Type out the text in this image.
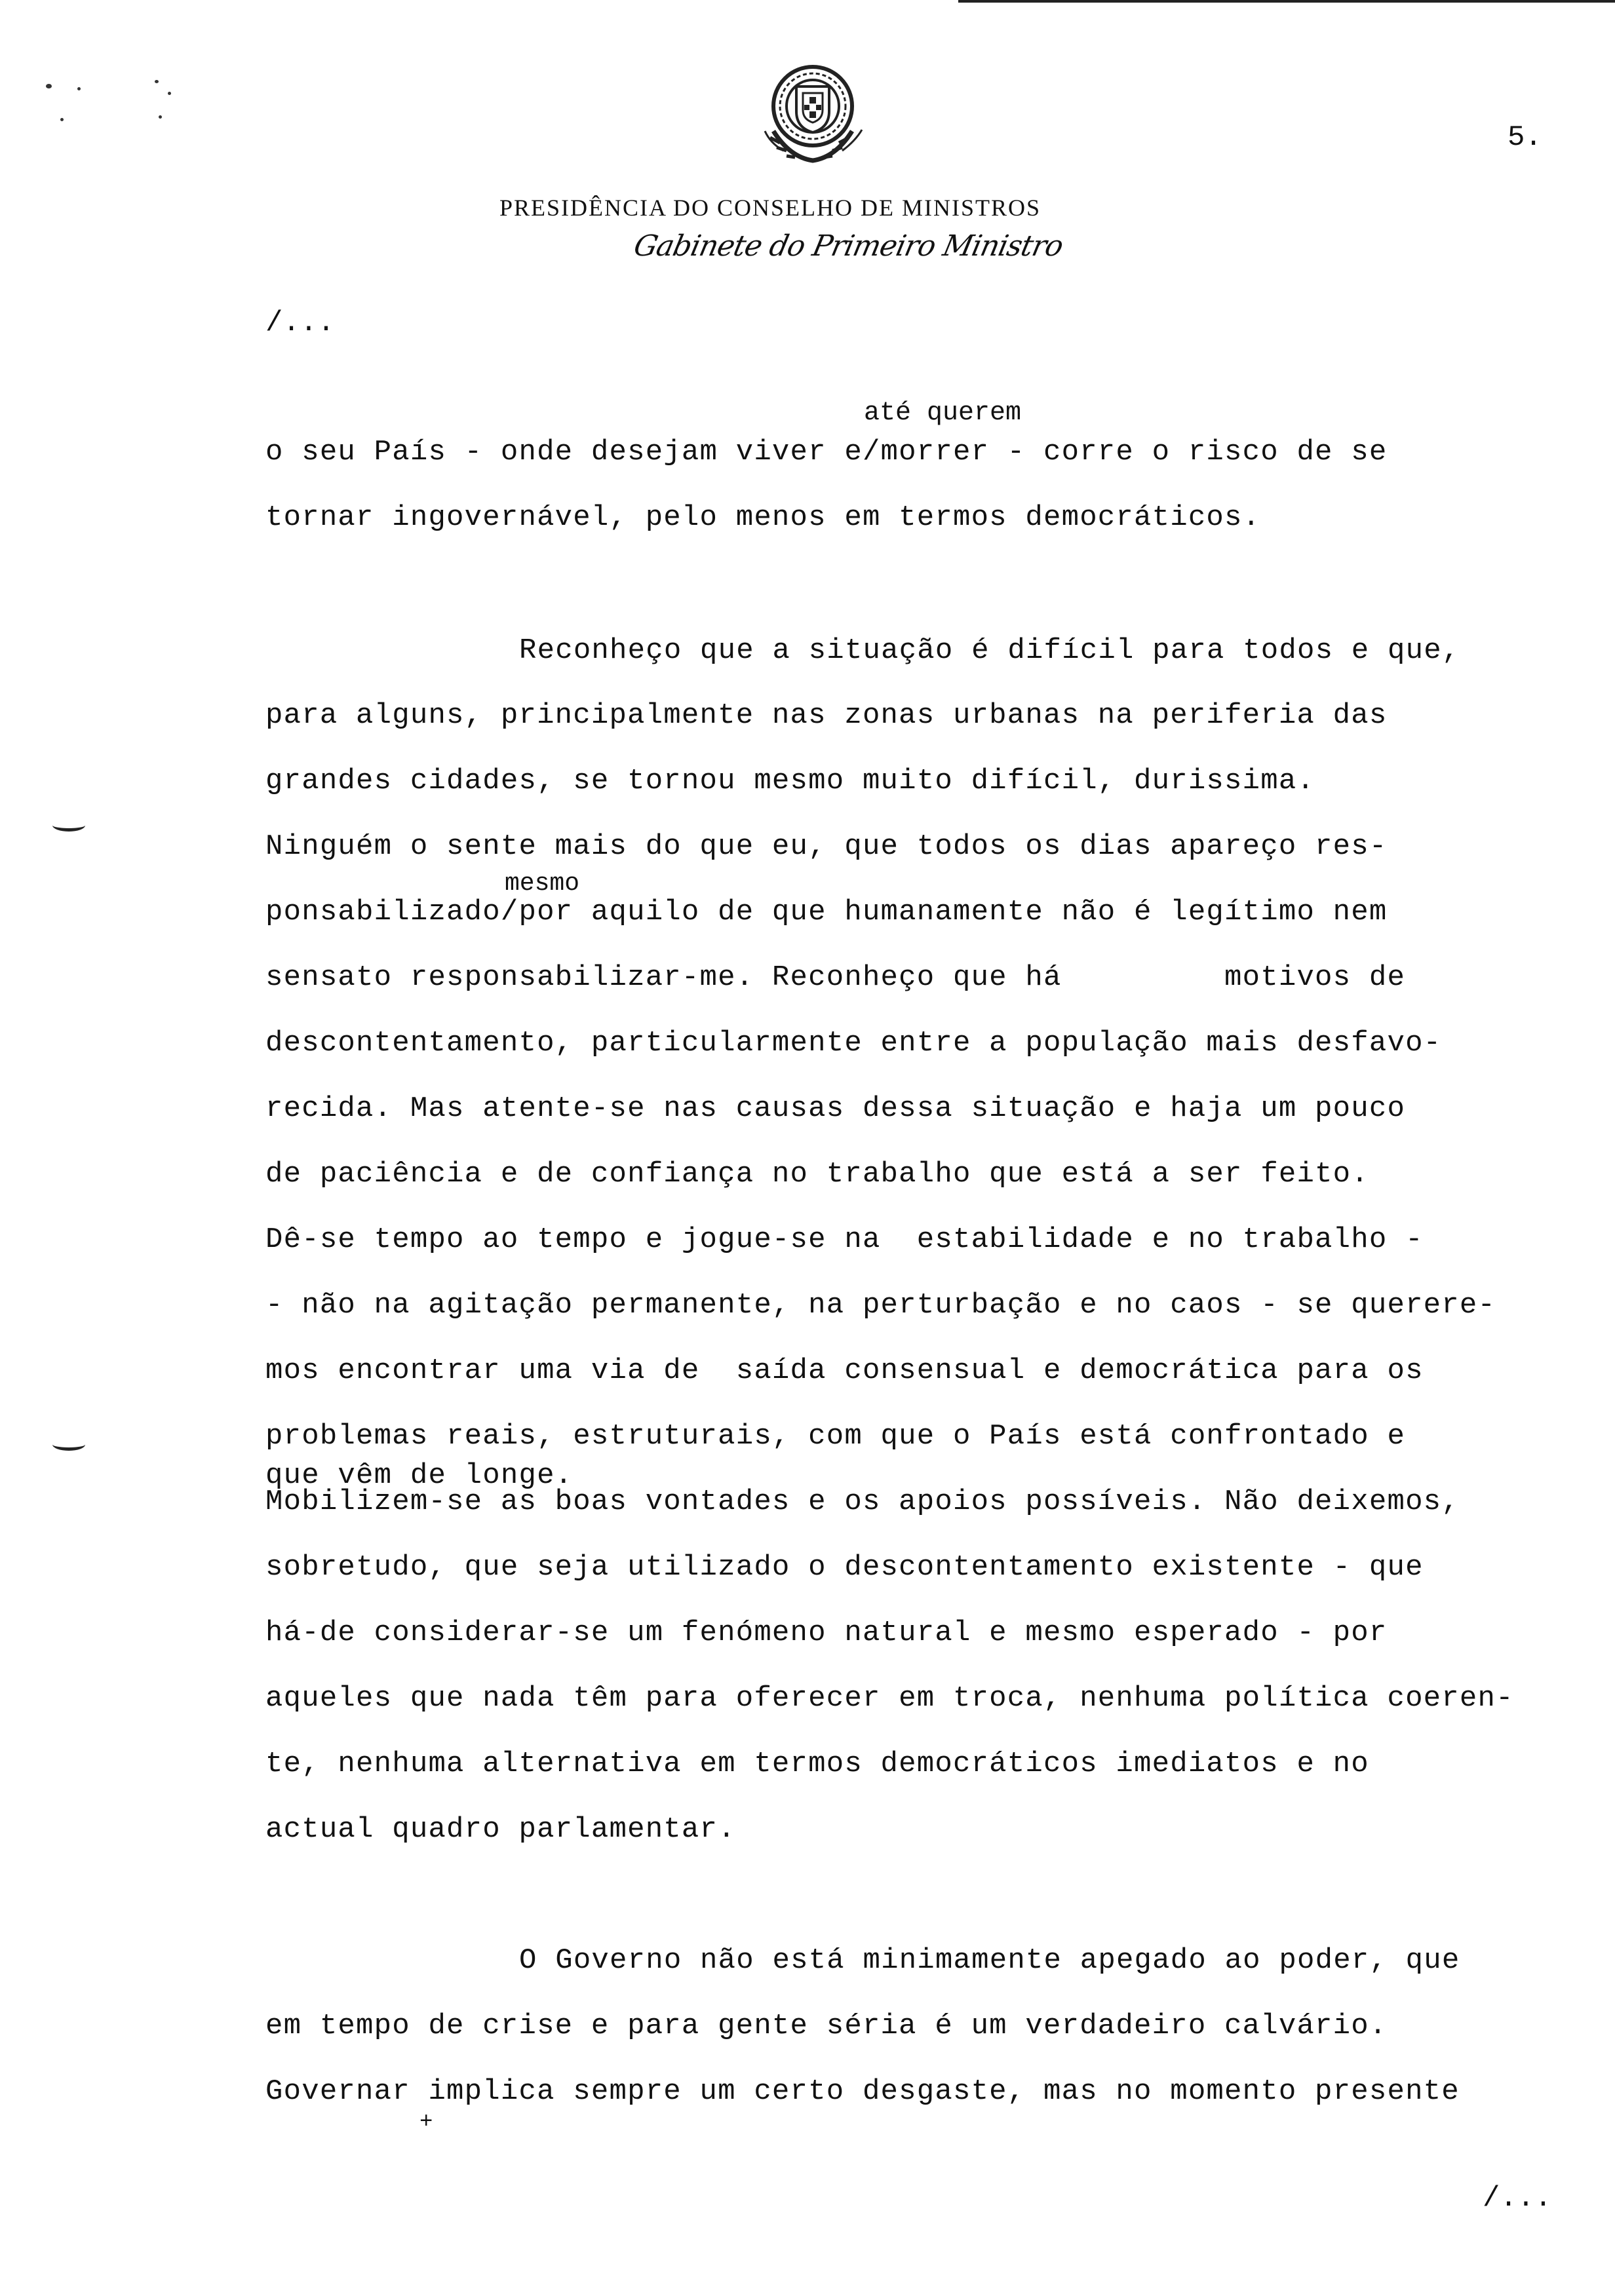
5.
PRESIDÊNCIA DO CONSELHO DE MINISTROS
Gabinete do Primeiro Ministro
/...
até querem
mesmo
o seu País - onde desejam viver e/morrer - corre o risco de se
tornar ingovernável, pelo menos em termos democráticos.
Reconheço que a situação é difícil para todos e que,
para alguns, principalmente nas zonas urbanas na periferia das
grandes cidades, se tornou mesmo muito difícil, durissima.
Ninguém o sente mais do que eu, que todos os dias apareço res-
ponsabilizado/por aquilo de que humanamente não é legítimo nem
sensato responsabilizar-me. Reconheço que há         motivos de
descontentamento, particularmente entre a população mais desfavo-
recida. Mas atente-se nas causas dessa situação e haja um pouco
de paciência e de confiança no trabalho que está a ser feito.
Dê-se tempo ao tempo e jogue-se na  estabilidade e no trabalho -
- não na agitação permanente, na perturbação e no caos - se querere-
mos encontrar uma via de  saída consensual e democrática para os
problemas reais, estruturais, com que o País está confrontado e
que vêm de longe.
Mobilizem-se as boas vontades e os apoios possíveis. Não deixemos,
sobretudo, que seja utilizado o descontentamento existente - que
há-de considerar-se um fenómeno natural e mesmo esperado - por
aqueles que nada têm para oferecer em troca, nenhuma política coeren-
te, nenhuma alternativa em termos democráticos imediatos e no
actual quadro parlamentar.
O Governo não está minimamente apegado ao poder, que
em tempo de crise e para gente séria é um verdadeiro calvário.
Governar implica sempre um certo desgaste, mas no momento presente
+
/...
